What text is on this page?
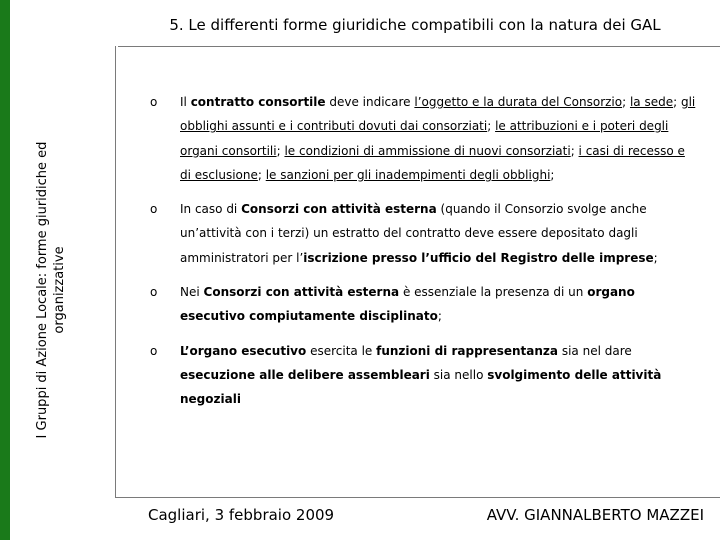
5. Le differenti forme giuridiche compatibili con la natura dei GAL
I Gruppi di Azione Locale: forme giuridiche ed organizzative
o Il contratto consortile deve indicare l’oggetto e la durata del Consorzio; la sede; gli obblighi assunti e i contributi dovuti dai consorziati; le attribuzioni e i poteri degli organi consortili; le condizioni di ammissione di nuovi consorziati; i casi di recesso e di esclusione; le sanzioni per gli inadempimenti degli obblighi;
o In caso di Consorzi con attività esterna (quando il Consorzio svolge anche un’attività con i terzi) un estratto del contratto deve essere depositato dagli amministratori per l’iscrizione presso l’ufficio del Registro delle imprese;
o Nei Consorzi con attività esterna è essenziale la presenza di un organo esecutivo compiutamente disciplinato;
o L’organo esecutivo esercita le funzioni di rappresentanza sia nel dare esecuzione alle delibere assembleari sia nello svolgimento delle attività negoziali
Cagliari, 3 febbraio 2009	AVV. GIANNALBERTO MAZZEI
